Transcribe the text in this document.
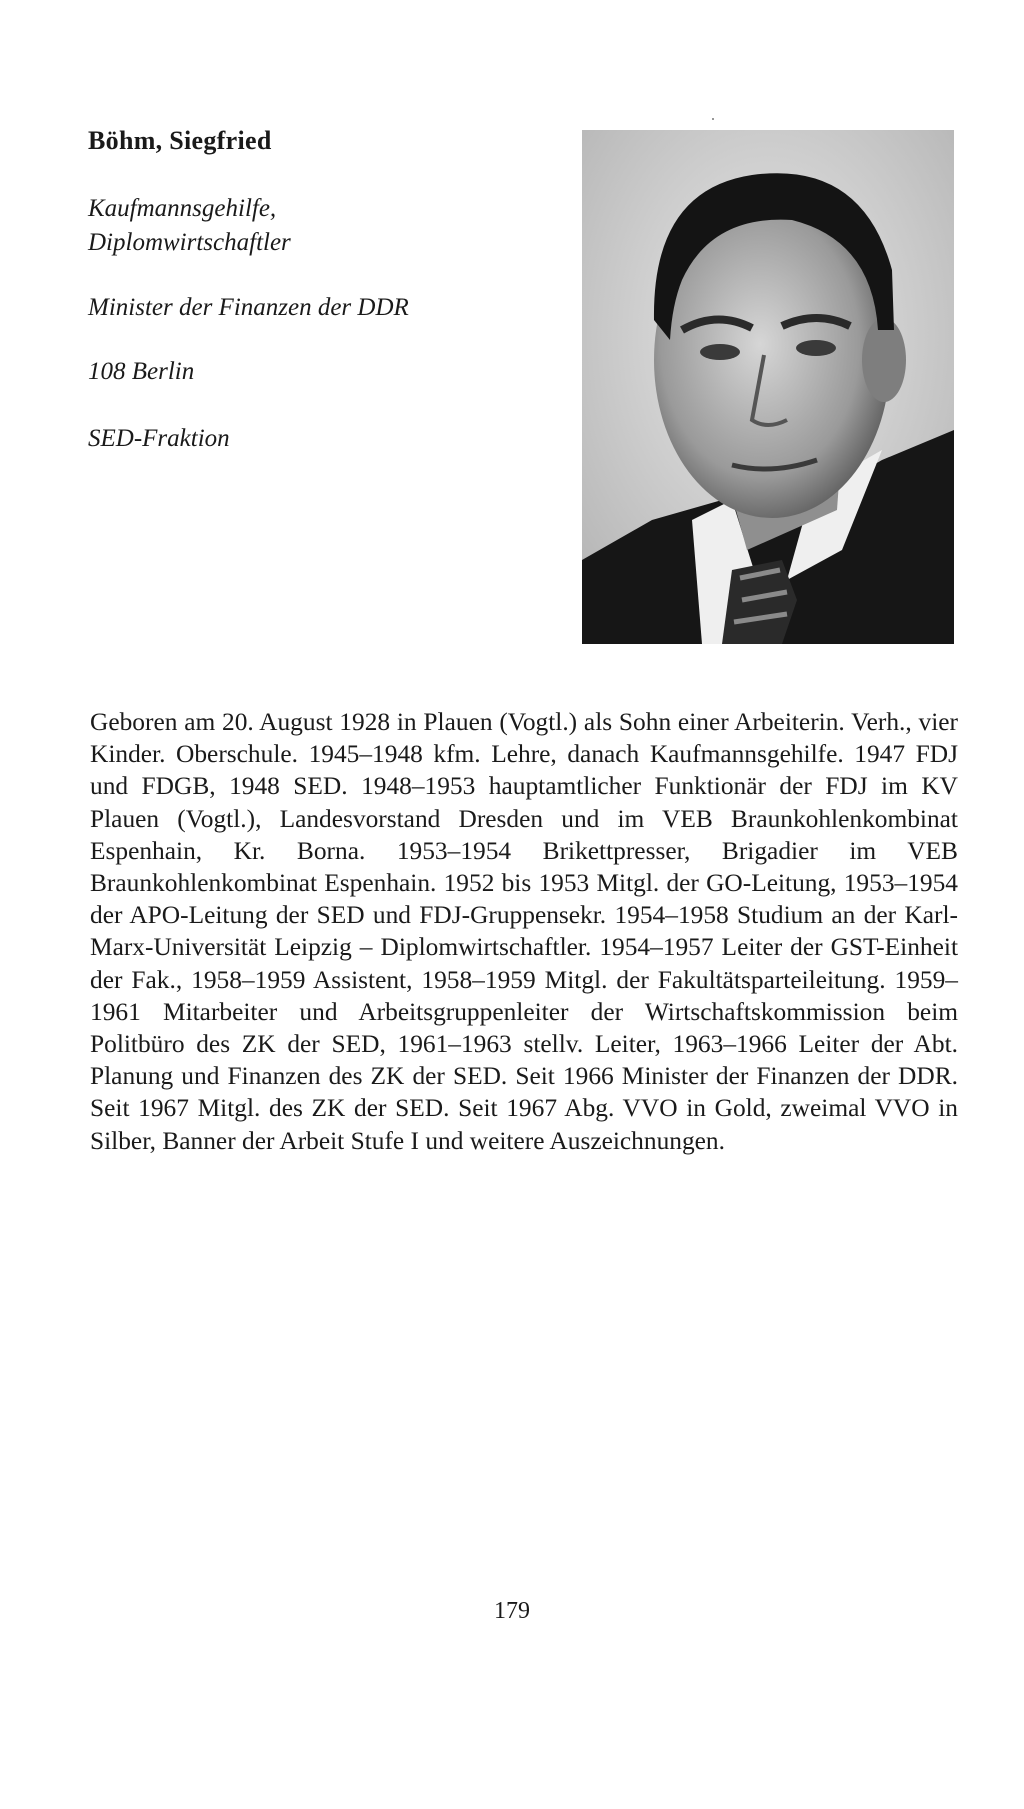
Böhm, Siegfried
Kaufmannsgehilfe,
Diplomwirtschaftler
Minister der Finanzen der DDR
108 Berlin
SED-Fraktion
Geboren am 20. August 1928 in Plauen (Vogtl.) als Sohn einer Arbeiterin. Verh., vier Kinder. Oberschule. 1945–1948 kfm. Lehre, danach Kaufmannsgehilfe. 1947 FDJ und FDGB, 1948 SED. 1948–1953 hauptamtlicher Funktionär der FDJ im KV Plauen (Vogtl.), Landesvorstand Dresden und im VEB Braunkohlenkombinat Espenhain, Kr. Borna. 1953–1954 Brikettpresser, Brigadier im VEB Braunkohlenkombinat Espenhain. 1952 bis 1953 Mitgl. der GO-Leitung, 1953–1954 der APO-Leitung der SED und FDJ-Gruppensekr. 1954–1958 Studium an der Karl-Marx-Universität Leipzig – Diplomwirtschaftler. 1954–1957 Leiter der GST-Einheit der Fak., 1958–1959 Assistent, 1958–1959 Mitgl. der Fakultätsparteileitung. 1959–1961 Mitarbeiter und Arbeitsgruppenleiter der Wirtschaftskommission beim Politbüro des ZK der SED, 1961–1963 stellv. Leiter, 1963–1966 Leiter der Abt. Planung und Finanzen des ZK der SED. Seit 1966 Minister der Finanzen der DDR. Seit 1967 Mitgl. des ZK der SED. Seit 1967 Abg. VVO in Gold, zweimal VVO in Silber, Banner der Arbeit Stufe I und weitere Auszeichnungen.
179
